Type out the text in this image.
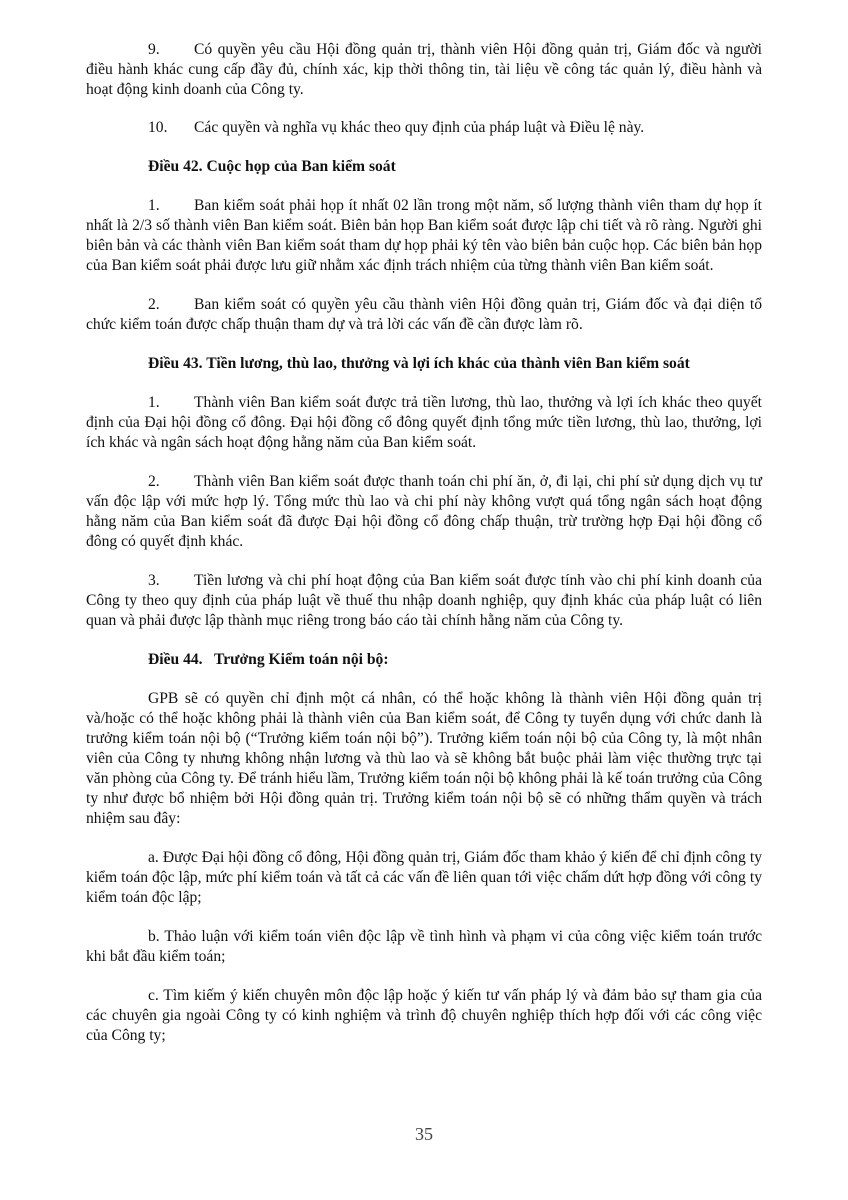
9. Có quyền yêu cầu Hội đồng quản trị, thành viên Hội đồng quản trị, Giám đốc và người điều hành khác cung cấp đầy đủ, chính xác, kịp thời thông tin, tài liệu về công tác quản lý, điều hành và hoạt động kinh doanh của Công ty.

10. Các quyền và nghĩa vụ khác theo quy định của pháp luật và Điều lệ này.

Điều 42. Cuộc họp của Ban kiểm soát

1. Ban kiểm soát phải họp ít nhất 02 lần trong một năm, số lượng thành viên tham dự họp ít nhất là 2/3 số thành viên Ban kiểm soát. Biên bản họp Ban kiểm soát được lập chi tiết và rõ ràng. Người ghi biên bản và các thành viên Ban kiểm soát tham dự họp phải ký tên vào biên bản cuộc họp. Các biên bản họp của Ban kiểm soát phải được lưu giữ nhằm xác định trách nhiệm của từng thành viên Ban kiểm soát.

2. Ban kiểm soát có quyền yêu cầu thành viên Hội đồng quản trị, Giám đốc và đại diện tổ chức kiểm toán được chấp thuận tham dự và trả lời các vấn đề cần được làm rõ.

Điều 43. Tiền lương, thù lao, thưởng và lợi ích khác của thành viên Ban kiểm soát

1. Thành viên Ban kiểm soát được trả tiền lương, thù lao, thưởng và lợi ích khác theo quyết định của Đại hội đồng cổ đông. Đại hội đồng cổ đông quyết định tổng mức tiền lương, thù lao, thưởng, lợi ích khác và ngân sách hoạt động hằng năm của Ban kiểm soát.

2. Thành viên Ban kiểm soát được thanh toán chi phí ăn, ở, đi lại, chi phí sử dụng dịch vụ tư vấn độc lập với mức hợp lý. Tổng mức thù lao và chi phí này không vượt quá tổng ngân sách hoạt động hằng năm của Ban kiểm soát đã được Đại hội đồng cổ đông chấp thuận, trừ trường hợp Đại hội đồng cổ đông có quyết định khác.

3. Tiền lương và chi phí hoạt động của Ban kiểm soát được tính vào chi phí kinh doanh của Công ty theo quy định của pháp luật về thuế thu nhập doanh nghiệp, quy định khác của pháp luật có liên quan và phải được lập thành mục riêng trong báo cáo tài chính hằng năm của Công ty.

Điều 44.   Trưởng Kiểm toán nội bộ:

GPB sẽ có quyền chỉ định một cá nhân, có thể hoặc không là thành viên Hội đồng quản trị và/hoặc có thể hoặc không phải là thành viên của Ban kiểm soát, để Công ty tuyển dụng với chức danh là trưởng kiểm toán nội bộ (“Trưởng kiểm toán nội bộ”). Trưởng kiểm toán nội bộ của Công ty, là một nhân viên của Công ty nhưng không nhận lương và thù lao và sẽ không bắt buộc phải làm việc thường trực tại văn phòng của Công ty. Để tránh hiểu lầm, Trưởng kiểm toán nội bộ không phải là kế toán trưởng của Công ty như được bổ nhiệm bởi Hội đồng quản trị. Trưởng kiểm toán nội bộ sẽ có những thẩm quyền và trách nhiệm sau đây:

a. Được Đại hội đồng cổ đông, Hội đồng quản trị, Giám đốc tham khảo ý kiến để chỉ định công ty kiểm toán độc lập, mức phí kiểm toán và tất cả các vấn đề liên quan tới việc chấm dứt hợp đồng với công ty kiểm toán độc lập;

b. Thảo luận với kiểm toán viên độc lập về tình hình và phạm vi của công việc kiểm toán trước khi bắt đầu kiểm toán;

c. Tìm kiếm ý kiến chuyên môn độc lập hoặc ý kiến tư vấn pháp lý và đảm bảo sự tham gia của các chuyên gia ngoài Công ty có kinh nghiệm và trình độ chuyên nghiệp thích hợp đối với các công việc của Công ty;

35
